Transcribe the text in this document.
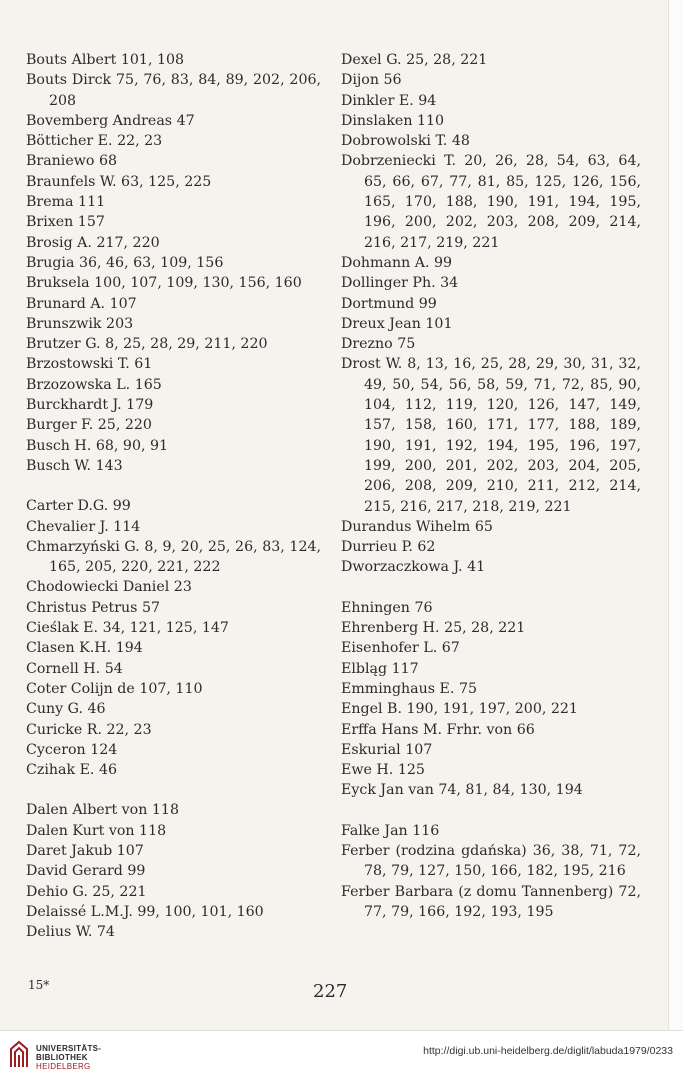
Bouts Albert 101, 108
Bouts Dirck 75, 76, 83, 84, 89, 202, 206, 208
Bovemberg Andreas 47
Bötticher E. 22, 23
Braniewo 68
Braunfels W. 63, 125, 225
Brema 111
Brixen 157
Brosig A. 217, 220
Brugia 36, 46, 63, 109, 156
Bruksela 100, 107, 109, 130, 156, 160
Brunard A. 107
Brunszwik 203
Brutzer G. 8, 25, 28, 29, 211, 220
Brzostowski T. 61
Brzozowska L. 165
Burckhardt J. 179
Burger F. 25, 220
Busch H. 68, 90, 91
Busch W. 143
Carter D.G. 99
Chevalier J. 114
Chmarzyński G. 8, 9, 20, 25, 26, 83, 124, 165, 205, 220, 221, 222
Chodowiecki Daniel 23
Christus Petrus 57
Cieślak E. 34, 121, 125, 147
Clasen K.H. 194
Cornell H. 54
Coter Colijn de 107, 110
Cuny G. 46
Curicke R. 22, 23
Cyceron 124
Czihak E. 46
Dalen Albert von 118
Dalen Kurt von 118
Daret Jakub 107
David Gerard 99
Dehio G. 25, 221
Delaissé L.M.J. 99, 100, 101, 160
Delius W. 74
Dexel G. 25, 28, 221
Dijon 56
Dinkler E. 94
Dinslaken 110
Dobrowolski T. 48
Dobrzeniecki T. 20, 26, 28, 54, 63, 64, 65, 66, 67, 77, 81, 85, 125, 126, 156, 165, 170, 188, 190, 191, 194, 195, 196, 200, 202, 203, 208, 209, 214, 216, 217, 219, 221
Dohmann A. 99
Dollinger Ph. 34
Dortmund 99
Dreux Jean 101
Drezno 75
Drost W. 8, 13, 16, 25, 28, 29, 30, 31, 32, 49, 50, 54, 56, 58, 59, 71, 72, 85, 90, 104, 112, 119, 120, 126, 147, 149, 157, 158, 160, 171, 177, 188, 189, 190, 191, 192, 194, 195, 196, 197, 199, 200, 201, 202, 203, 204, 205, 206, 208, 209, 210, 211, 212, 214, 215, 216, 217, 218, 219, 221
Durandus Wihelm 65
Durrieu P. 62
Dworzaczkowa J. 41
Ehningen 76
Ehrenberg H. 25, 28, 221
Eisenhofer L. 67
Elbląg 117
Emminghaus E. 75
Engel B. 190, 191, 197, 200, 221
Erffa Hans M. Frhr. von 66
Eskurial 107
Ewe H. 125
Eyck Jan van 74, 81, 84, 130, 194
Falke Jan 116
Ferber (rodzina gdańska) 36, 38, 71, 72, 78, 79, 127, 150, 166, 182, 195, 216
Ferber Barbara (z domu Tannenberg) 72, 77, 79, 166, 192, 193, 195
15*	227
UNIVERSITÄTS-
BIBLIOTHEK
HEIDELBERG
http://digi.ub.uni-heidelberg.de/diglit/labuda1979/0233
